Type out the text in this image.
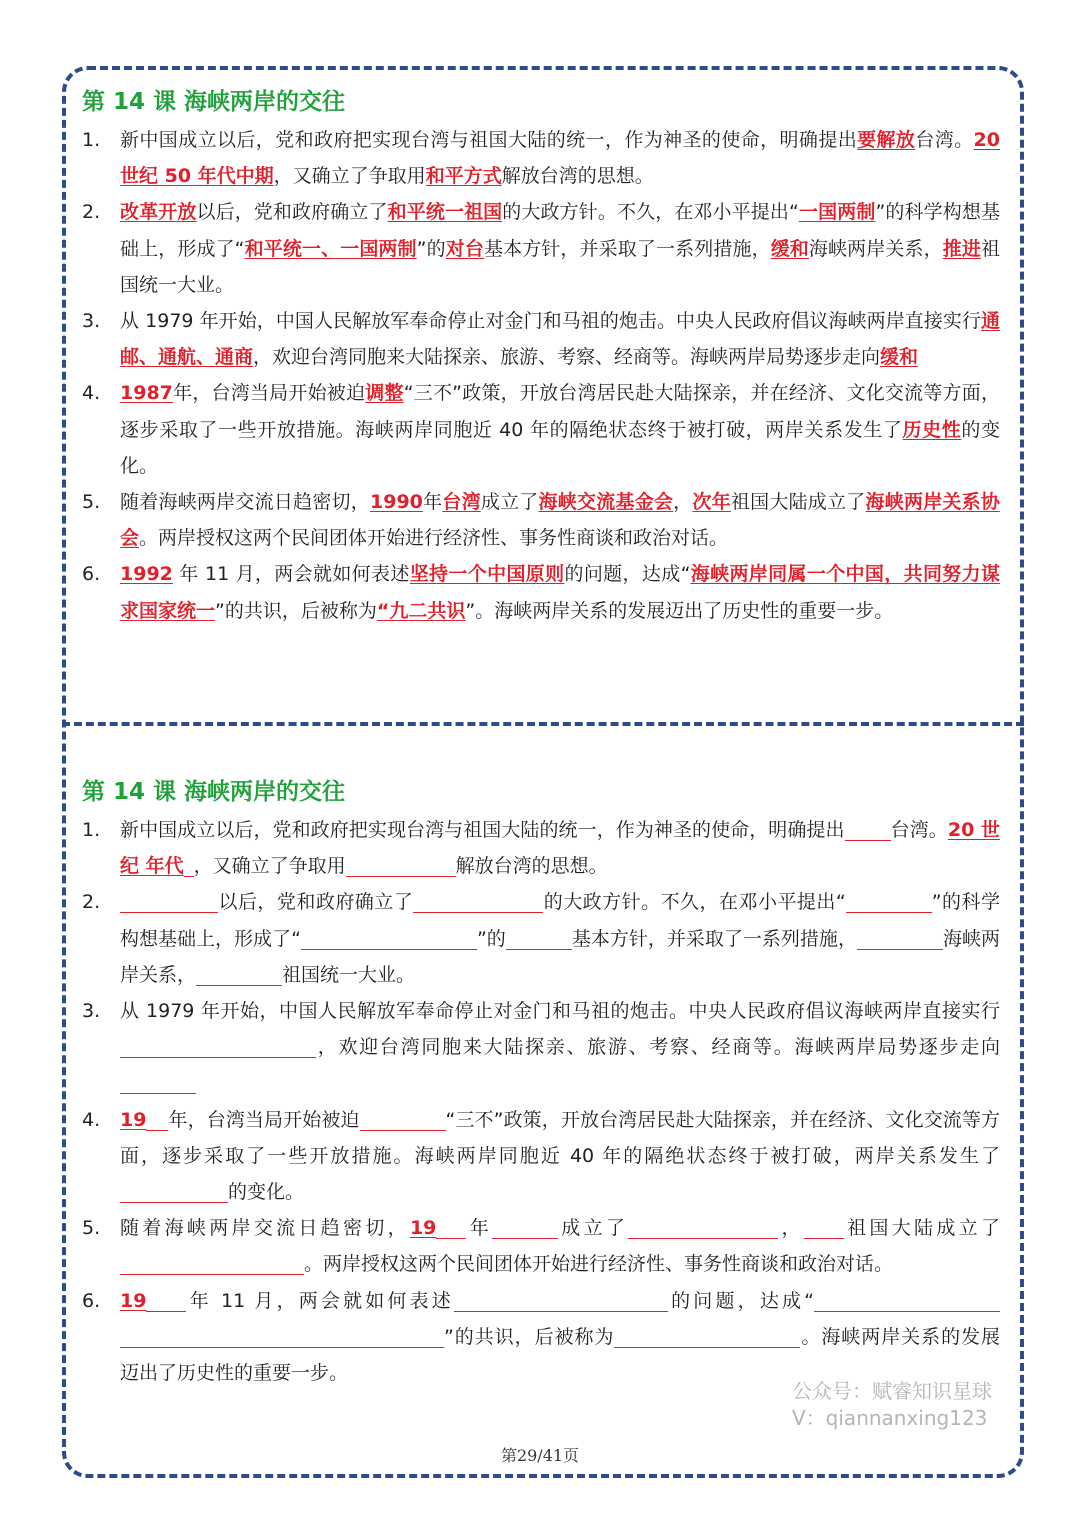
第 14 课 海峡两岸的交往
1. 新中国成立以后，党和政府把实现台湾与祖国大陆的统一，作为神圣的使命，明确提出要解放台湾。20 世纪 50 年代中期，又确立了争取用和平方式解放台湾的思想。
2. 改革开放以后，党和政府确立了和平统一祖国的大政方针。不久，在邓小平提出“一国两制”的科学构想基础上，形成了“和平统一、一国两制”的对台基本方针，并采取了一系列措施，缓和海峡两岸关系，推进祖国统一大业。
3. 从 1979 年开始，中国人民解放军奉命停止对金门和马祖的炮击。中央人民政府倡议海峡两岸直接实行通邮、通航、通商，欢迎台湾同胞来大陆探亲、旅游、考察、经商等。海峡两岸局势逐步走向缓和
4. 1987年，台湾当局开始被迫调整“三不”政策，开放台湾居民赴大陆探亲，并在经济、文化交流等方面，逐步采取了一些开放措施。海峡两岸同胞近 40 年的隔绝状态终于被打破，两岸关系发生了历史性的变化。
5. 随着海峡两岸交流日趋密切，1990年台湾成立了海峡交流基金会，次年祖国大陆成立了海峡两岸关系协会。两岸授权这两个民间团体开始进行经济性、事务性商谈和政治对话。
6. 1992 年 11 月，两会就如何表述坚持一个中国原则的问题，达成“海峡两岸同属一个中国，共同努力谋求国家统一”的共识，后被称为“九二共识”。海峡两岸关系的发展迈出了历史性的重要一步。
第 14 课 海峡两岸的交往
1. 新中国成立以后，党和政府把实现台湾与祖国大陆的统一，作为神圣的使命，明确提出 台湾。20 世纪 年代 ，又确立了争取用	解放台湾的思想。
2.	以后，党和政府确立了	的大政方针。不久，在邓小平提出“	”的科学构想基础上，形成了“	”的	基本方针，并采取了一系列措施，	海峡两岸关系，	祖国统一大业。
3. 从 1979 年开始，中国人民解放军奉命停止对金门和马祖的炮击。中央人民政府倡议海峡两岸直接实行，欢迎台湾同胞来大陆探亲、旅游、考察、经商等。海峡两岸局势逐步走向
4. 19 年，台湾当局开始被迫	“三不”政策，开放台湾居民赴大陆探亲，并在经济、文化交流等方面，逐步采取了一些开放措施。海峡两岸同胞近 40 年的隔绝状态终于被打破，两岸关系发生了的变化。
5. 随着海峡两岸交流日趋密切，19 年	成立了	， 祖国大陆成立了。两岸授权这两个民间团体开始进行经济性、事务性商谈和政治对话。
6. 19 年 11 月，两会就如何表述	的问题，达成“”的共识，后被称为	。海峡两岸关系的发展迈出了历史性的重要一步。
公众号：赋睿知识星球
V：qiannanxing123
第29/41页
